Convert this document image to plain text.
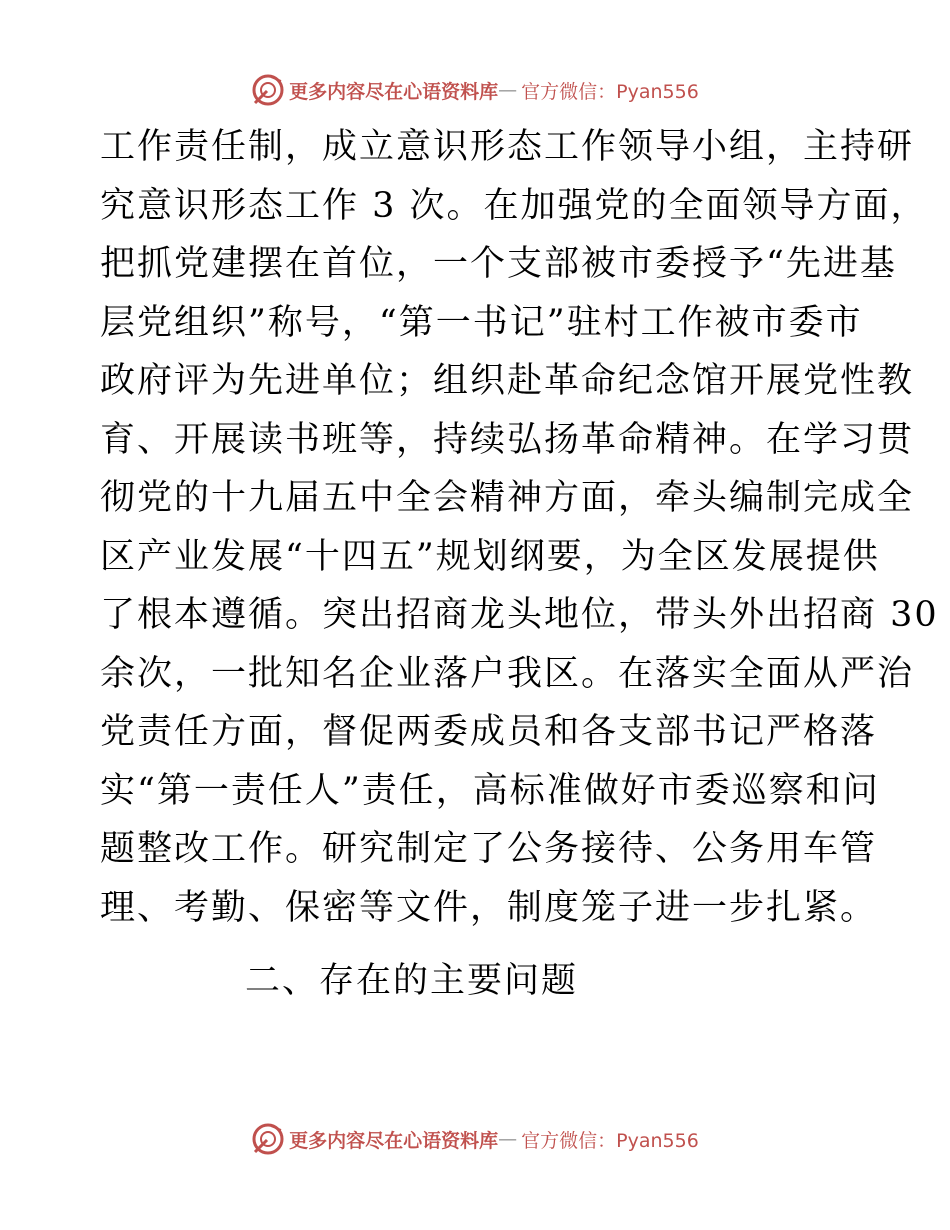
更多内容尽在心语资料库 — 官方微信：Pyan556
工作责任制，成立意识形态工作领导小组，主持研
究意识形态工作 3 次。在加强党的全面领导方面，
把抓党建摆在首位，一个支部被市委授予“先进基
层党组织”称号，“第一书记”驻村工作被市委市
政府评为先进单位；组织赴革命纪念馆开展党性教
育、开展读书班等，持续弘扬革命精神。在学习贯
彻党的十九届五中全会精神方面，牵头编制完成全
区产业发展“十四五”规划纲要，为全区发展提供
了根本遵循。突出招商龙头地位，带头外出招商 30
余次，一批知名企业落户我区。在落实全面从严治
党责任方面，督促两委成员和各支部书记严格落
实“第一责任人”责任，高标准做好市委巡察和问
题整改工作。研究制定了公务接待、公务用车管
理、考勤、保密等文件，制度笼子进一步扎紧。
二、存在的主要问题
更多内容尽在心语资料库 — 官方微信：Pyan556
